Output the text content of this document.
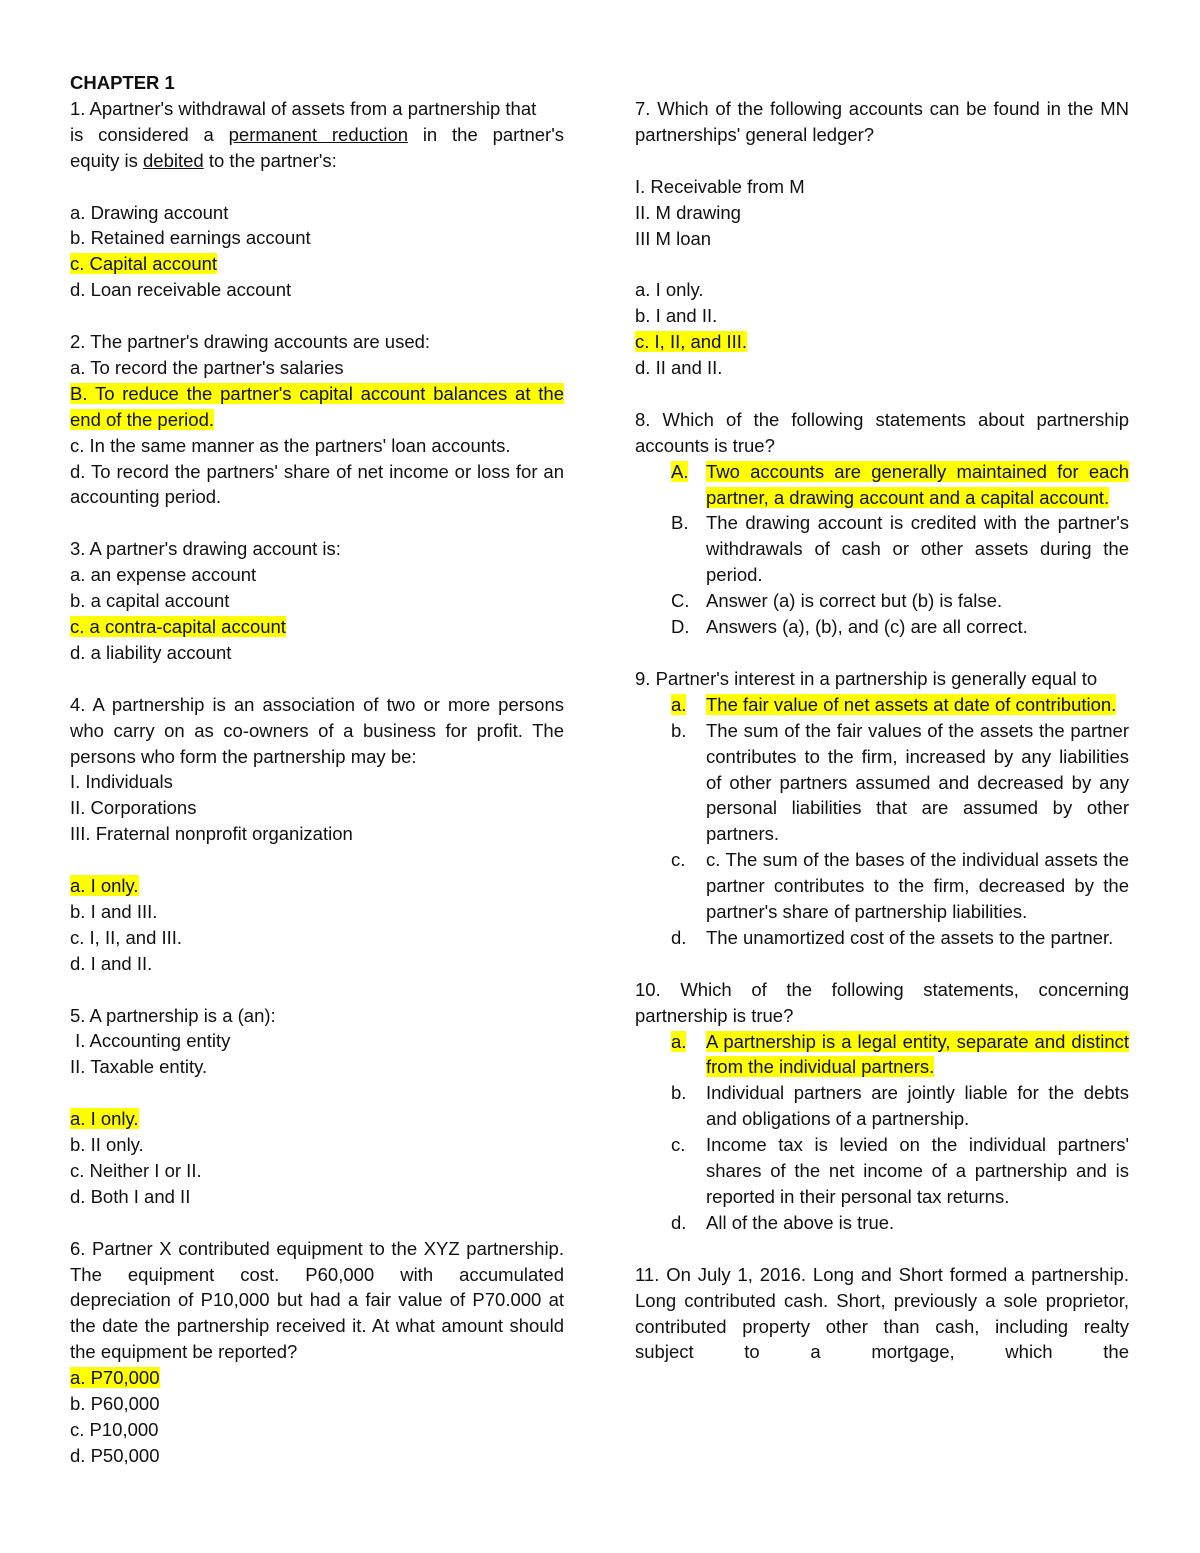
CHAPTER 1
1. Apartner's withdrawal of assets from a partnership that
is considered a permanent reduction in the partner's
equity is debited to the partner's:
a. Drawing account
b. Retained earnings account
c. Capital account
d. Loan receivable account
2. The partner's drawing accounts are used:
a. To record the partner's salaries
B. To reduce the partner's capital account balances at the end of the period.
c. In the same manner as the partners' loan accounts.
d. To record the partners' share of net income or loss for an accounting period.
3. A partner's drawing account is:
a. an expense account
b. a capital account
c. a contra-capital account
d. a liability account
4. A partnership is an association of two or more persons who carry on as co-owners of a business for profit. The persons who form the partnership may be:
I. Individuals
II. Corporations
III. Fraternal nonprofit organization
a. I only.
b. I and III.
c. I, II, and III.
d. I and II.
5. A partnership is a (an):
I. Accounting entity
II. Taxable entity.
a. I only.
b. II only.
c. Neither I or II.
d. Both I and II
6. Partner X contributed equipment to the XYZ partnership. The equipment cost. P60,000 with accumulated depreciation of P10,000 but had a fair value of P70.000 at the date the partnership received it. At what amount should the equipment be reported?
a. P70,000
b. P60,000
c. P10,000
d. P50,000
7. Which of the following accounts can be found in the MN partnerships' general ledger?
I. Receivable from M
II. M drawing
III M loan
a. I only.
b. I and II.
c. I, II, and III.
d. II and II.
8. Which of the following statements about partnership accounts is true?
A. Two accounts are generally maintained for each partner, a drawing account and a capital account.
B. The drawing account is credited with the partner's withdrawals of cash or other assets during the period.
C. Answer (a) is correct but (b) is false.
D. Answers (a), (b), and (c) are all correct.
9. Partner's interest in a partnership is generally equal to
a.	The fair value of net assets at date of contribution.
b.	The sum of the fair values of the assets the partner contributes to the firm, increased by any liabilities of other partners assumed and decreased by any personal liabilities that are assumed by other partners.
c.	c. The sum of the bases of the individual assets the partner contributes to the firm, decreased by the partner's share of partnership liabilities.
d.	The unamortized cost of the assets to the partner.
10. Which of the following statements, concerning partnership is true?
a.	A partnership is a legal entity, separate and distinct from the individual partners.
b.	Individual partners are jointly liable for the debts and obligations of a partnership.
c.	Income tax is levied on the individual partners' shares of the net income of a partnership and is reported in their personal tax returns.
d.	All of the above is true.
11. On July 1, 2016. Long and Short formed a partnership. Long contributed cash. Short, previously a sole proprietor, contributed property other than cash, including realty subject to a mortgage, which the
